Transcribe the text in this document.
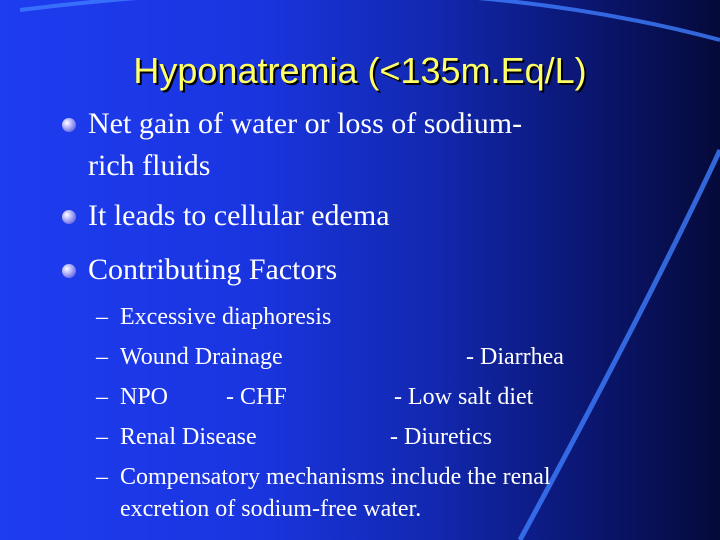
Hyponatremia (<135m.Eq/L)
Net gain of water or loss of sodium-
rich fluids
It leads to cellular edema
Contributing Factors
– Excessive diaphoresis
– Wound Drainage	- Diarrhea
– NPO - CHF	- Low salt diet
– Renal Disease	- Diuretics
– Compensatory mechanisms include the renal
excretion of sodium-free water.
